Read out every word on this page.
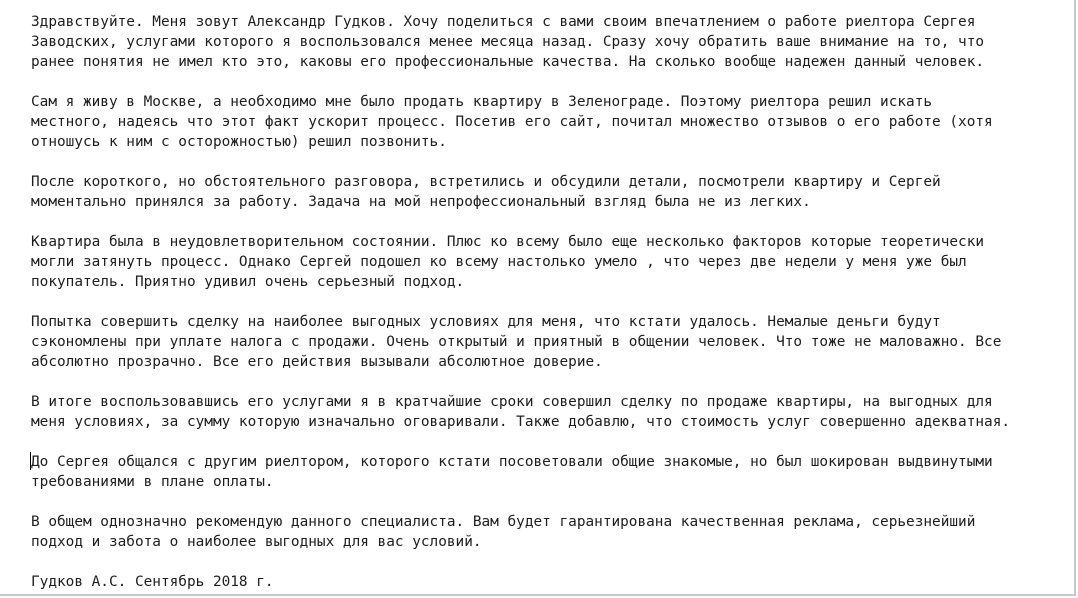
Здравствуйте. Меня зовут Александр Гудков. Хочу поделиться с вами своим впечатлением о работе риелтора Сергея
Заводских, услугами которого я воспользовался менее месяца назад. Сразу хочу обратить ваше внимание на то, что
ранее понятия не имел кто это, каковы его профессиональные качества. На сколько вообще надежен данный человек.
Сам я живу в Москве, а необходимо мне было продать квартиру в Зеленограде. Поэтому риелтора решил искать
местного, надеясь что этот факт ускорит процесс. Посетив его сайт, почитал множество отзывов о его работе (хотя
отношусь к ним с осторожностью) решил позвонить.
После короткого, но обстоятельного разговора, встретились и обсудили детали, посмотрели квартиру и Сергей
моментально принялся за работу. Задача на мой непрофессиональный взгляд была не из легких.
Квартира была в неудовлетворительном состоянии. Плюс ко всему было еще несколько факторов которые теоретически
могли затянуть процесс. Однако Сергей подошел ко всему настолько умело , что через две недели у меня уже был
покупатель. Приятно удивил очень серьезный подход.
Попытка совершить сделку на наиболее выгодных условиях для меня, что кстати удалось. Немалые деньги будут
сэкономлены при уплате налога с продажи. Очень открытый и приятный в общении человек. Что тоже не маловажно. Все
абсолютно прозрачно. Все его действия вызывали абсолютное доверие.
В итоге воспользовавшись его услугами я в кратчайшие сроки совершил сделку по продаже квартиры, на выгодных для
меня условиях, за сумму которую изначально оговаривали. Также добавлю, что стоимость услуг совершенно адекватная.
До Сергея общался с другим риелтором, которого кстати посоветовали общие знакомые, но был шокирован выдвинутыми
требованиями в плане оплаты.
В общем однозначно рекомендую данного специалиста. Вам будет гарантирована качественная реклама, серьезнейший
подход и забота о наиболее выгодных для вас условий.
Гудков А.С. Сентябрь 2018 г.
